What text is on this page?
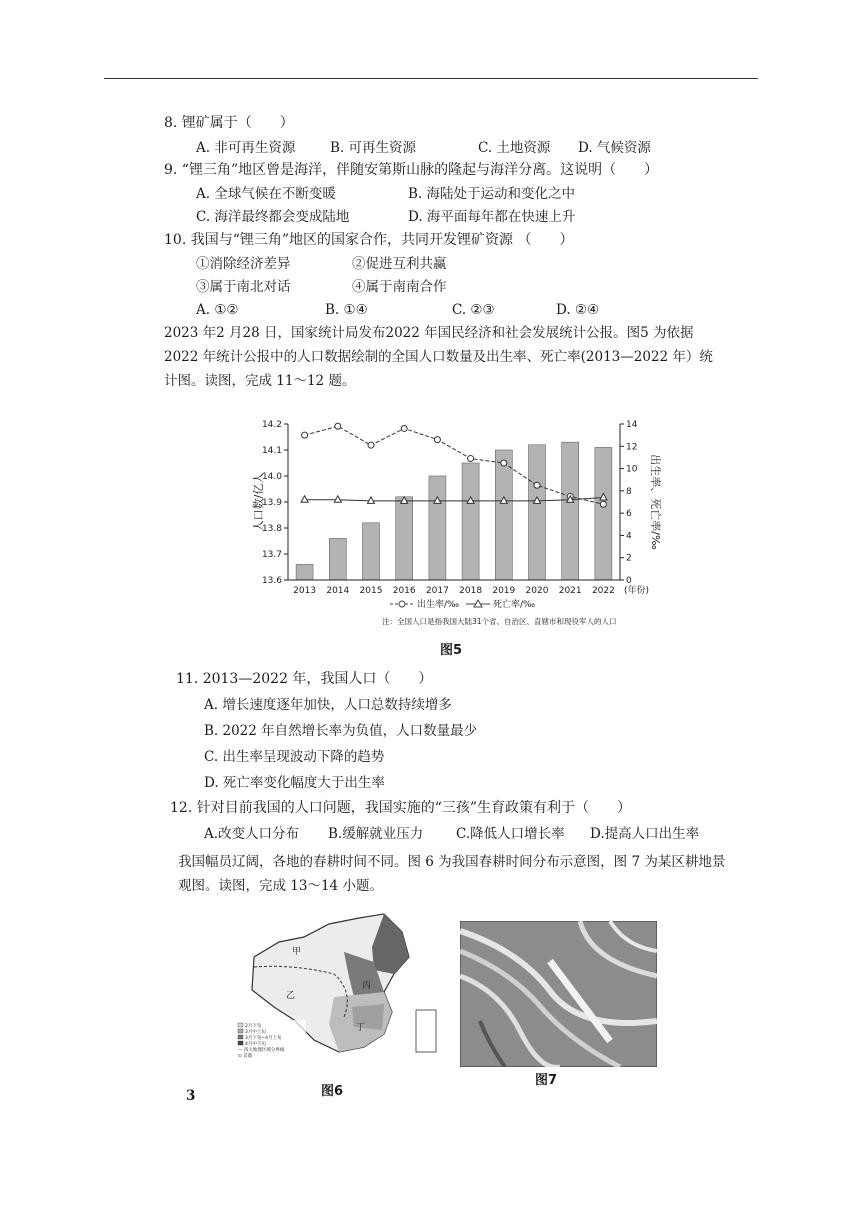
8. 锂矿属于（　　）
A. 非可再生资源	B. 可再生资源	C. 土地资源 D. 气候资源
9. “锂三角”地区曾是海洋，伴随安第斯山脉的隆起与海洋分离。这说明（　　）
A. 全球气候在不断变暖	B. 海陆处于运动和变化之中
C. 海洋最终都会变成陆地	D. 海平面每年都在快速上升
10. 我国与“锂三角”地区的国家合作，共同开发锂矿资源 （　　）
①消除经济差异	②促进互利共赢
③属于南北对话	④属于南南合作
A. ①②	B. ①④	C. ②③	D. ②④
2023 年2 月28 日，国家统计局发布2022 年国民经济和社会发展统计公报。图5 为依据
2022 年统计公报中的人口数据绘制的全国人口数量及出生率、死亡率(2013—2022 年）统
计图。读图，完成 11～12 题。
2013 2014 2015 2016 2017 2018 2019 2020 2021 2022
14.2
14.1
14.0
13.9
13.8
13.7
13.6
14
12
10
8
6
4
2
0
人口数/亿人	出生率、死亡率/‰
(年份)
出生率/‰	死亡率/‰
注：全国人口是指我国大陆31个省、自治区、直辖市和现役军人的人口
图5
11. 2013—2022 年，我国人口（　　）
A. 增长速度逐年加快，人口总数持续增多
B. 2022 年自然增长率为负值，人口数量最少
C. 出生率呈现波动下降的趋势
D. 死亡率变化幅度大于出生率
12. 针对目前我国的人口问题，我国实施的“三孩”生育政策有利于（　　）
A.改变人口分布 B.缓解就业压力 C.降低人口增长率 D.提高人口出生率
我国幅员辽阔，各地的春耕时间不同。图 6 为我国春耕时间分布示意图，图 7 为某区耕地景
观图。读图，完成 13～14 小题。
甲
乙
丙
丁
2月下旬
3月中上旬
3月下旬~4月上旬
4月中下旬
— 四大地理区域分界线
⊙ 首都
图6
图7
3
